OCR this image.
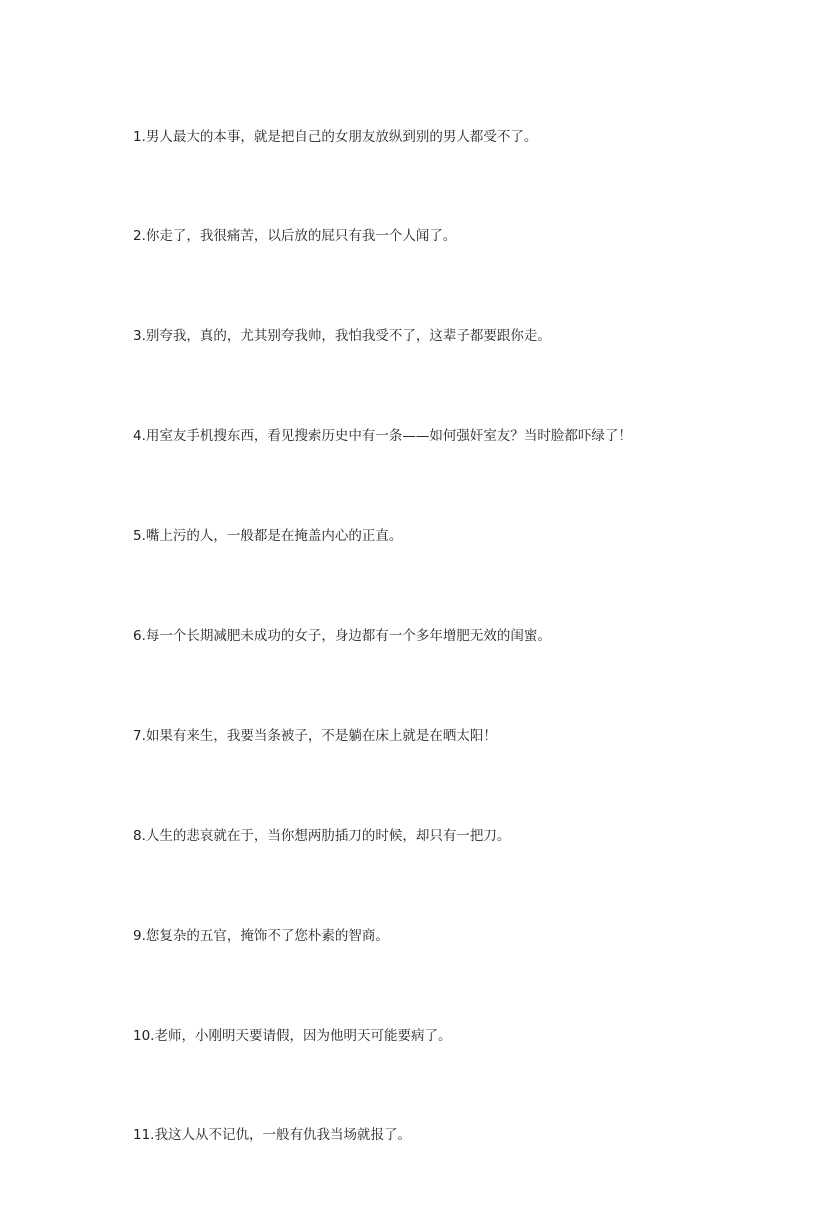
1.男人最大的本事，就是把自己的女朋友放纵到别的男人都受不了。

2.你走了，我很痛苦，以后放的屁只有我一个人闻了。

3.别夸我，真的，尤其别夸我帅，我怕我受不了，这辈子都要跟你走。

4.用室友手机搜东西，看见搜索历史中有一条——如何强奸室友？当时脸都吓绿了！

5.嘴上污的人，一般都是在掩盖内心的正直。

6.每一个长期减肥未成功的女子，身边都有一个多年增肥无效的闺蜜。

7.如果有来生，我要当条被子，不是躺在床上就是在晒太阳！

8.人生的悲哀就在于，当你想两肋插刀的时候，却只有一把刀。

9.您复杂的五官，掩饰不了您朴素的智商。

10.老师，小刚明天要请假，因为他明天可能要病了。

11.我这人从不记仇，一般有仇我当场就报了。
